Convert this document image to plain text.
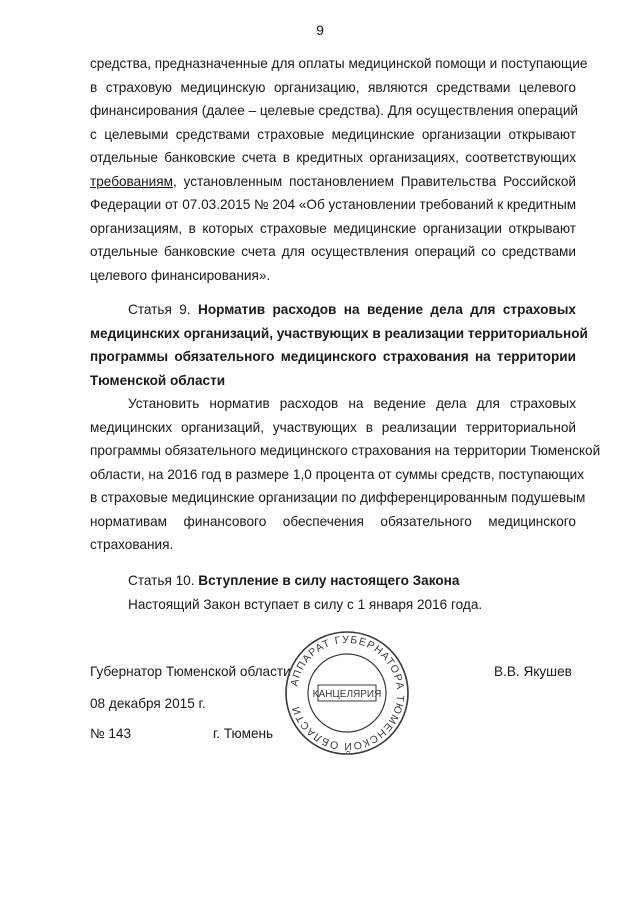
9
средства, предназначенные для оплаты медицинской помощи и поступающие
в страховую медицинскую организацию, являются средствами целевого
финансирования (далее – целевые средства). Для осуществления операций
с целевыми средствами страховые медицинские организации открывают
отдельные банковские счета в кредитных организациях, соответствующих
требованиям, установленным постановлением Правительства Российской
Федерации от 07.03.2015 № 204 «Об установлении требований к кредитным
организациям, в которых страховые медицинские организации открывают
отдельные банковские счета для осуществления операций со средствами
целевого финансирования».
Статья 9. Норматив расходов на ведение дела для страховых
медицинских организаций, участвующих в реализации территориальной
программы обязательного медицинского страхования на территории
Тюменской области
Установить норматив расходов на ведение дела для страховых
медицинских организаций, участвующих в реализации территориальной
программы обязательного медицинского страхования на территории Тюменской
области, на 2016 год в размере 1,0 процента от суммы средств, поступающих
в страховые медицинские организации по дифференцированным подушевым
нормативам финансового обеспечения обязательного медицинского
страхования.
Статья 10. Вступление в силу настоящего Закона
Настоящий Закон вступает в силу с 1 января 2016 года.
Губернатор Тюменской области	В.В. Якушев
08 декабря 2015 г.
№ 143	г. Тюмень
АППАРАТ ГУБЕРНАТОРА ТЮМЕНСКОЙ ОБЛАСТИ
КАНЦЕЛЯРИЯ
